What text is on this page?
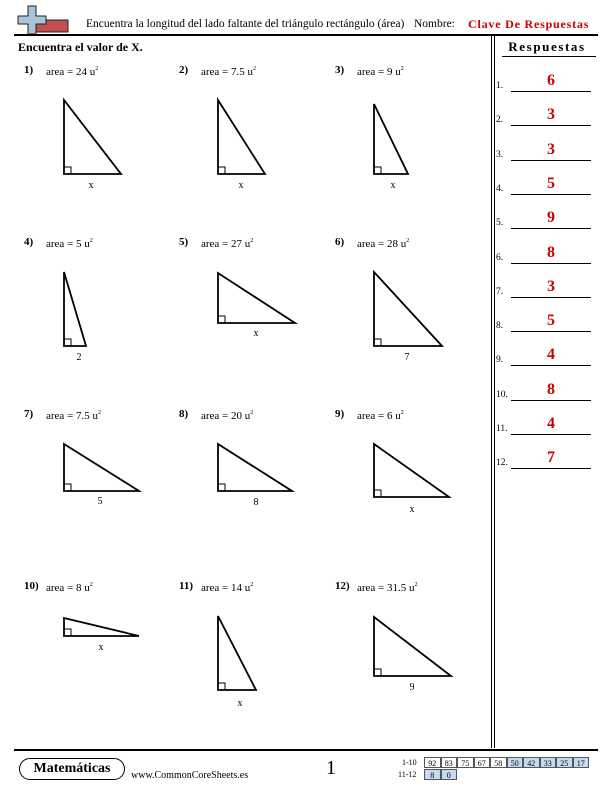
Encuentra la longitud del lado faltante del triángulo rectángulo (área) Nombre: Clave De Respuestas
Encuentra el valor de X.	Respuestas
1.	6
2.	3
3.	3
4.	5
5.	9
6.	8
7.	3
8.	5
9.	4
10.	8
11.	4
12.	7
1) area = 24 $u^2$
x
2) area = 7.5 $u^2$
x
3) area = 9 $u^2$
x
4) area = 5 $u^2$
2
5) area = 27 $u^2$
x
6) area = 28 $u^2$
7
7) area = 7.5 $u^2$
5
8) area = 20 $u^2$
8
9) area = 6 $u^2$
x
10) area = 8 $u^2$
x
11) area = 14 $u^2$
x
12) area = 31.5 $u^2$
9
Matemáticas	www.CommonCoreSheets.es	1	1-10	92	83	75	67	58	50	42	33	25	17
11-12	8	0
